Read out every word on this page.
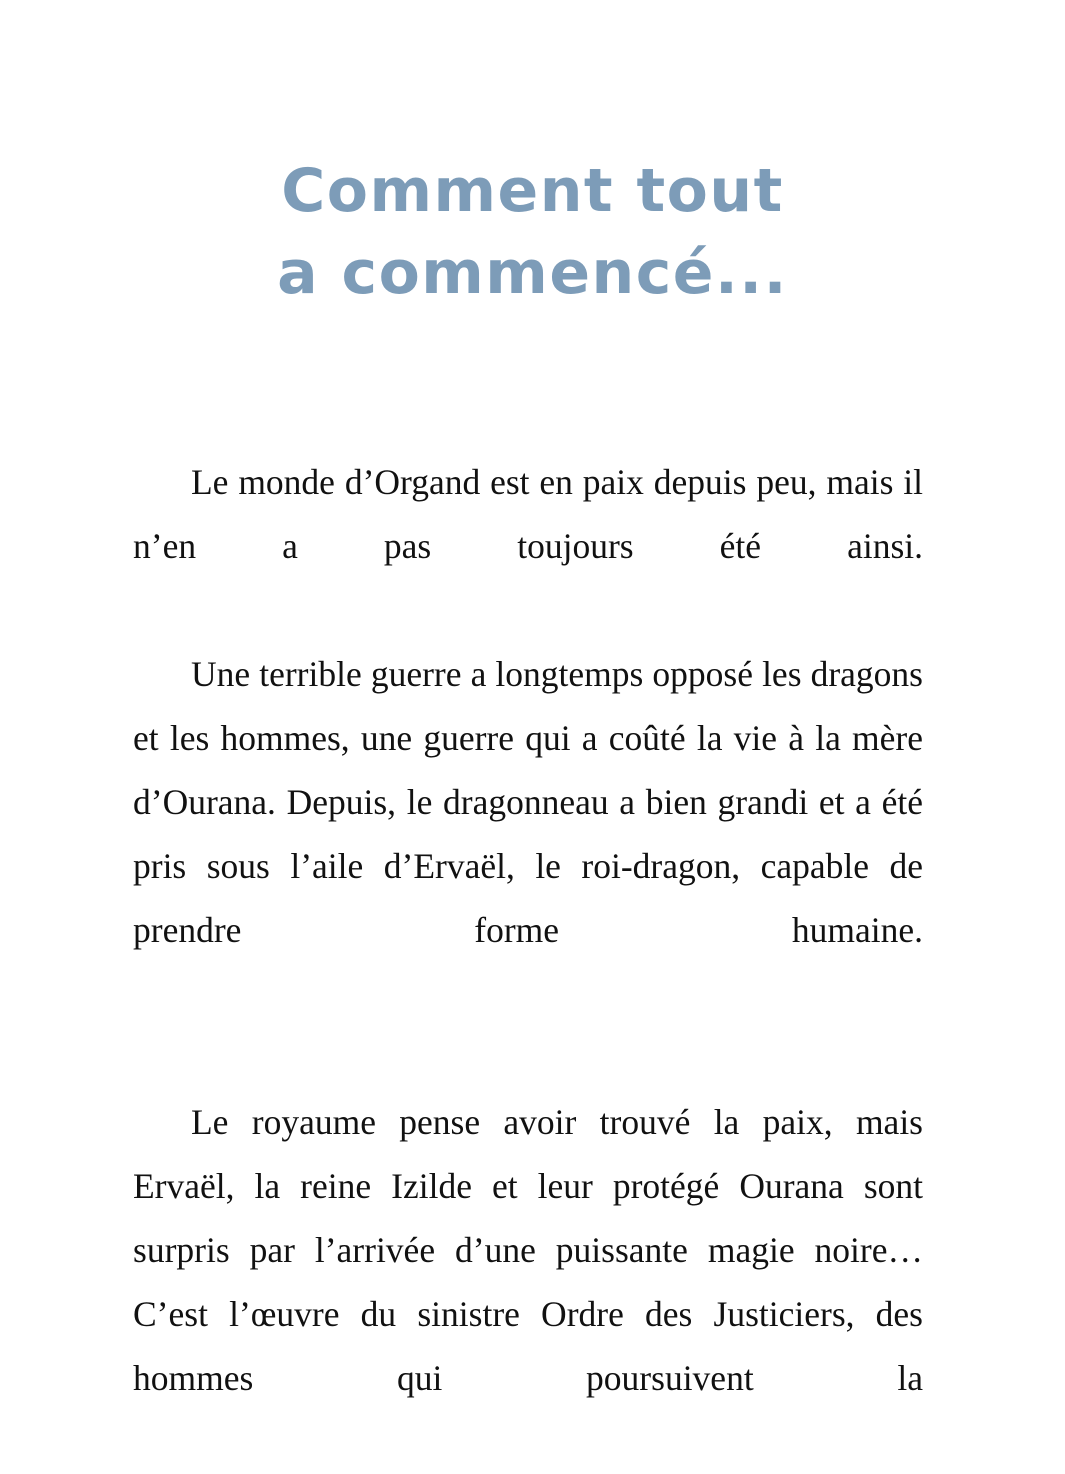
Comment tout
a commencé...

Le monde d’Organd est en paix depuis peu, mais il n’en a pas toujours été ainsi.

Une terrible guerre a longtemps opposé les dragons et les hommes, une guerre qui a coûté la vie à la mère d’Ourana. Depuis, le dragonneau a bien grandi et a été pris sous l’aile d’Ervaël, le roi-dragon, capable de prendre forme humaine.

Le royaume pense avoir trouvé la paix, mais Ervaël, la reine Izilde et leur protégé Ourana sont surpris par l’arrivée d’une puissante magie noire… C’est l’œuvre du sinistre Ordre des Justiciers, des hommes qui poursuivent la
